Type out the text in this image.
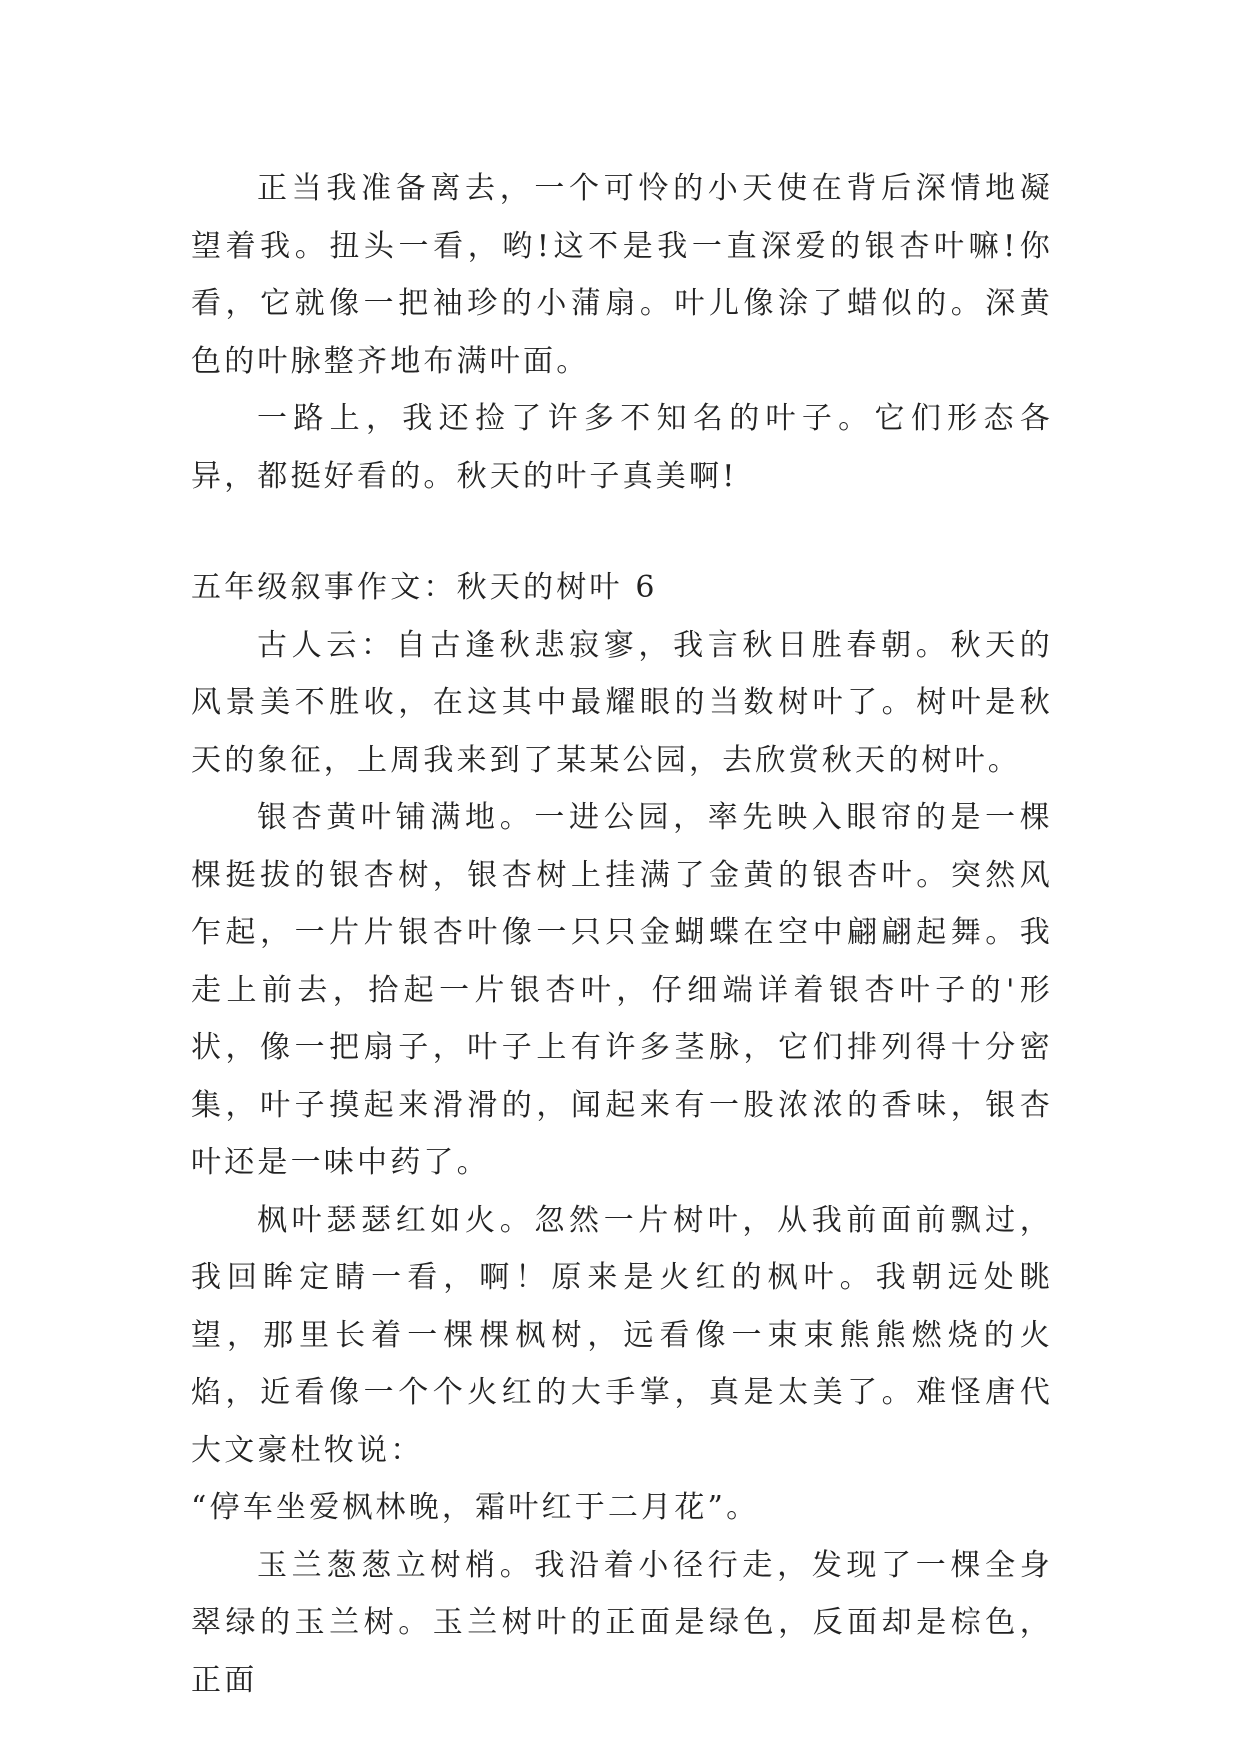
正当我准备离去，一个可怜的小天使在背后深情地凝望着我。扭头一看，哟!这不是我一直深爱的银杏叶嘛!你看，它就像一把袖珍的小蒲扇。叶儿像涂了蜡似的。深黄色的叶脉整齐地布满叶面。

一路上，我还捡了许多不知名的叶子。它们形态各异，都挺好看的。秋天的叶子真美啊!

五年级叙事作文：秋天的树叶 6

古人云：自古逢秋悲寂寥，我言秋日胜春朝。秋天的风景美不胜收，在这其中最耀眼的当数树叶了。树叶是秋天的象征，上周我来到了某某公园，去欣赏秋天的树叶。

银杏黄叶铺满地。一进公园，率先映入眼帘的是一棵棵挺拔的银杏树，银杏树上挂满了金黄的银杏叶。突然风乍起，一片片银杏叶像一只只金蝴蝶在空中翩翩起舞。我走上前去，拾起一片银杏叶，仔细端详着银杏叶子的'形状，像一把扇子，叶子上有许多茎脉，它们排列得十分密集，叶子摸起来滑滑的，闻起来有一股浓浓的香味，银杏叶还是一味中药了。

枫叶瑟瑟红如火。忽然一片树叶，从我前面前飘过，我回眸定睛一看，啊！原来是火红的枫叶。我朝远处眺望，那里长着一棵棵枫树，远看像一束束熊熊燃烧的火焰，近看像一个个火红的大手掌，真是太美了。难怪唐代大文豪杜牧说：

“停车坐爱枫林晚，霜叶红于二月花”。

玉兰葱葱立树梢。我沿着小径行走，发现了一棵全身翠绿的玉兰树。玉兰树叶的正面是绿色，反面却是棕色，正面
